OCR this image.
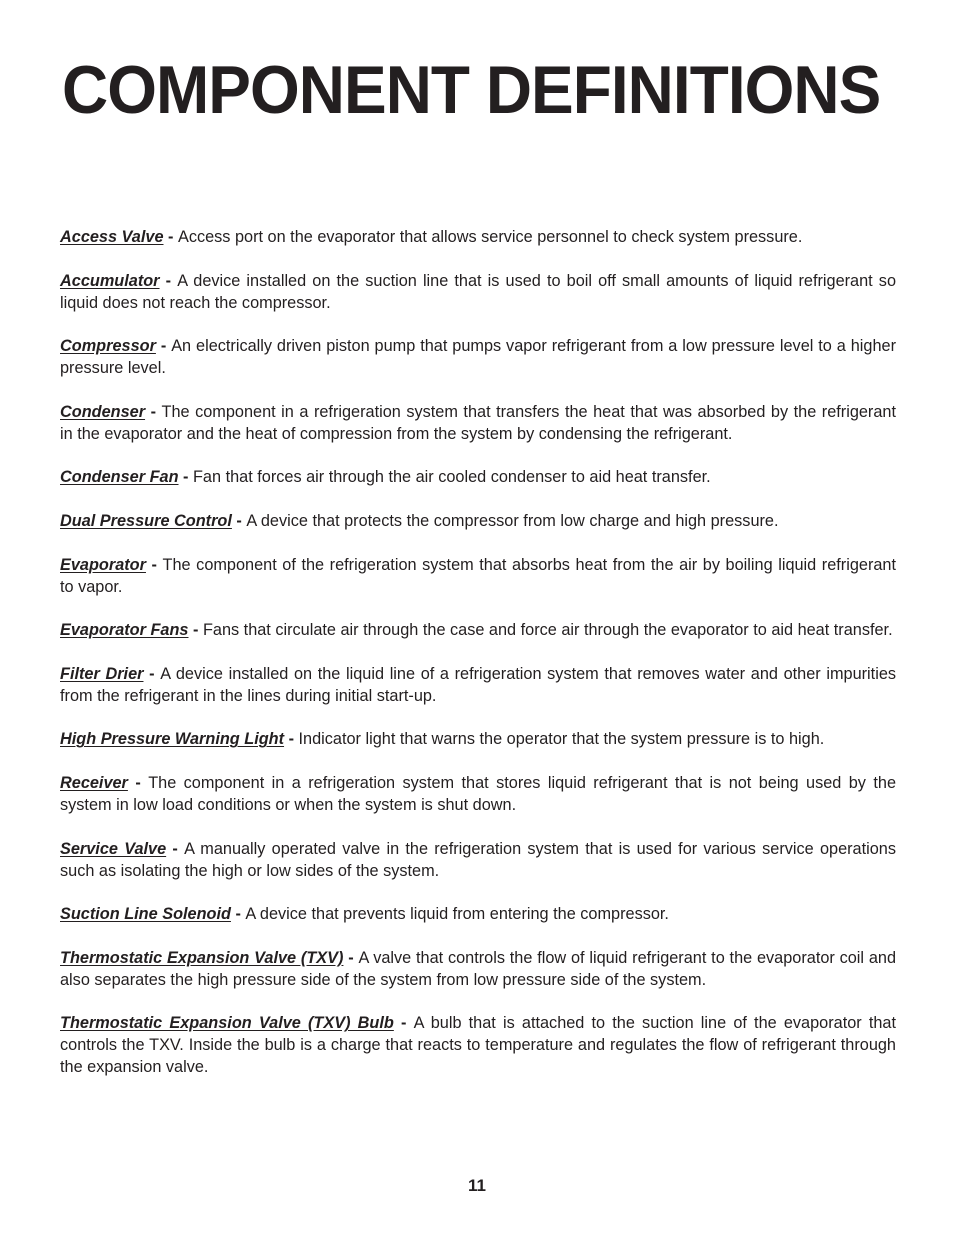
COMPONENT DEFINITIONS

Access Valve - Access port on the evaporator that allows service personnel to check system pressure.

Accumulator - A device installed on the suction line that is used to boil off small amounts of liquid refrigerant so liquid does not reach the compressor.

Compressor - An electrically driven piston pump that pumps vapor refrigerant from a low pressure level to a higher pressure level.

Condenser - The component in a refrigeration system that transfers the heat that was absorbed by the refrigerant in the evaporator and the heat of compression from the system by condensing the refrigerant.

Condenser Fan - Fan that forces air through the air cooled condenser to aid heat transfer.

Dual Pressure Control - A device that protects the compressor from low charge and high pressure.

Evaporator - The component of the refrigeration system that absorbs heat from the air by boiling liquid refrigerant to vapor.

Evaporator Fans - Fans that circulate air through the case and force air through the evaporator to aid heat transfer.

Filter Drier - A device installed on the liquid line of a refrigeration system that removes water and other impurities from the refrigerant in the lines during initial start-up.

High Pressure Warning Light - Indicator light that warns the operator that the system pressure is to high.

Receiver - The component in a refrigeration system that stores liquid refrigerant that is not being used by the system in low load conditions or when the system is shut down.

Service Valve - A manually operated valve in the refrigeration system that is used for various service operations such as isolating the high or low sides of the system.

Suction Line Solenoid - A device that prevents liquid from entering the compressor.

Thermostatic Expansion Valve (TXV) - A valve that controls the flow of liquid refrigerant to the evaporator coil and also separates the high pressure side of the system from low pressure side of the system.

Thermostatic Expansion Valve (TXV) Bulb - A bulb that is attached to the suction line of the evaporator that controls the TXV. Inside the bulb is a charge that reacts to temperature and regulates the flow of refrigerant through the expansion valve.

11
